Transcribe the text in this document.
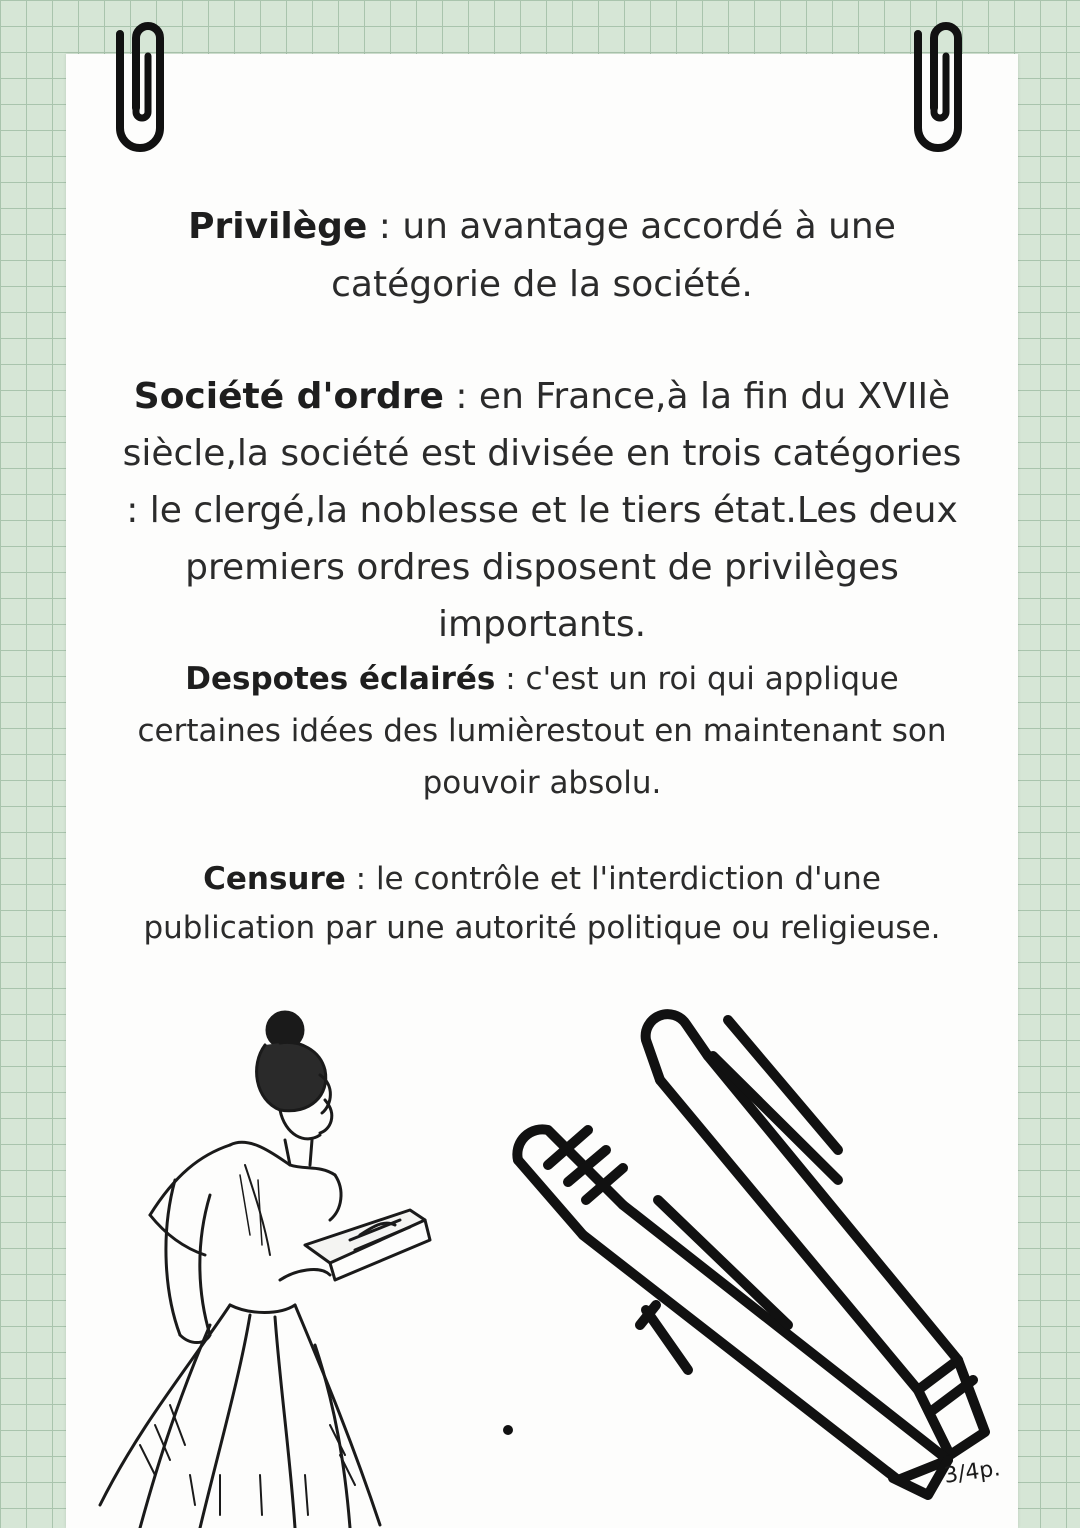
Privilège : un avantage accordé à une catégorie de la société.

Société d'ordre : en France,à la fin du XVIIè siècle,la société est divisée en trois catégories : le clergé,la noblesse et le tiers état.Les deux premiers ordres disposent de privilèges importants.

Despotes éclairés : c'est un roi qui applique certaines idées des lumièrestout en maintenant son pouvoir absolu.

Censure : le contrôle et l'interdiction d'une publication par une autorité politique ou religieuse.

3/4p.
